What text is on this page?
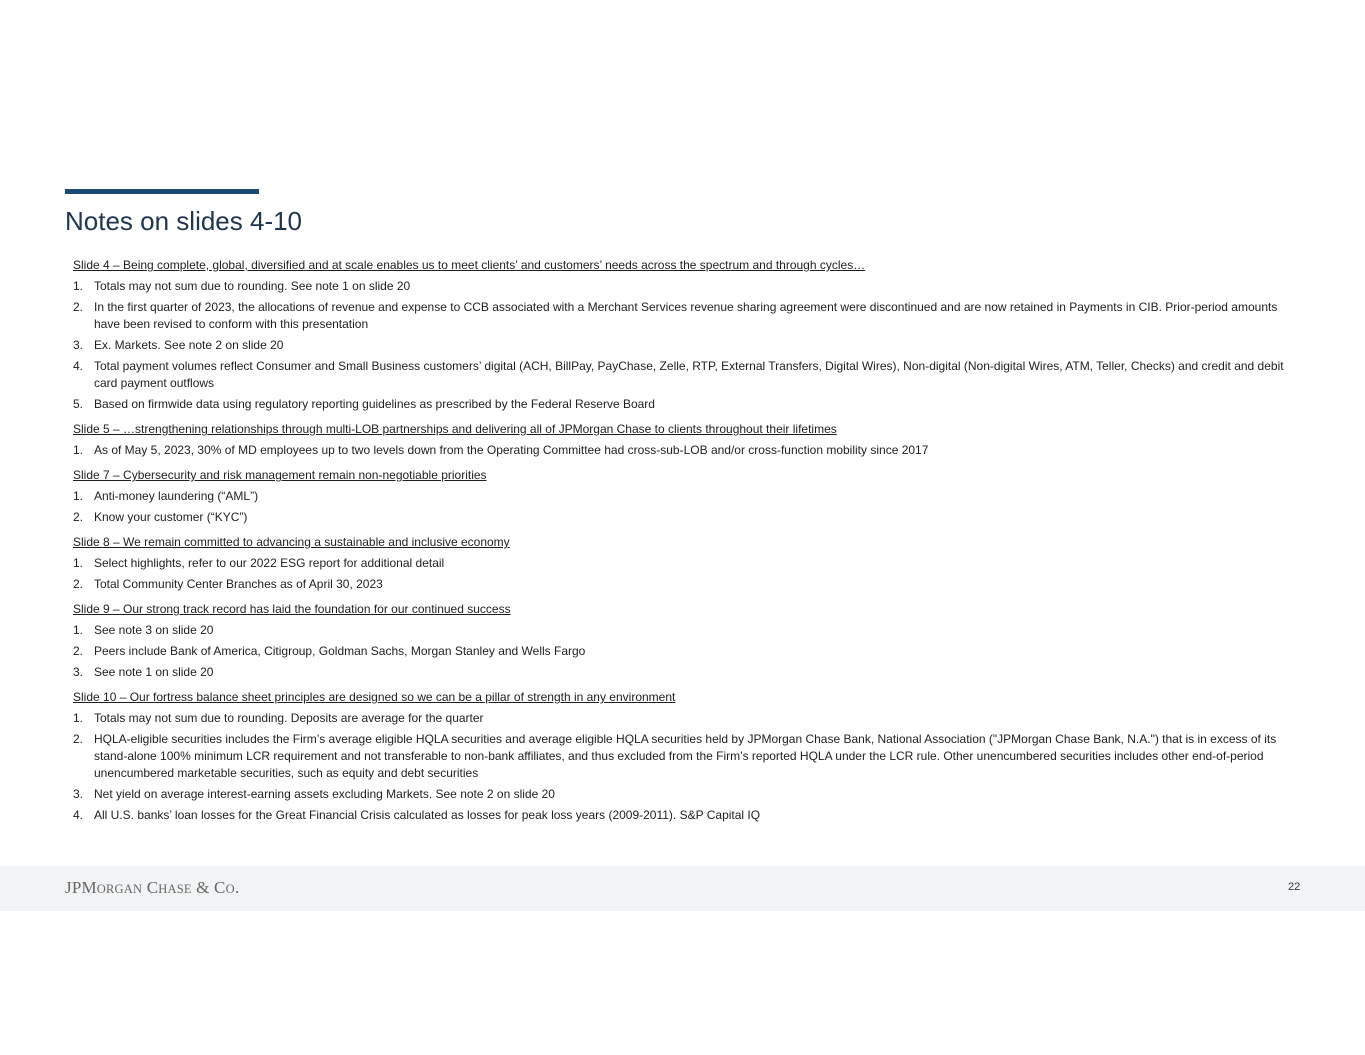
Notes on slides 4-10
Slide 4 – Being complete, global, diversified and at scale enables us to meet clients’ and customers’ needs across the spectrum and through cycles…
1. Totals may not sum due to rounding. See note 1 on slide 20
2. In the first quarter of 2023, the allocations of revenue and expense to CCB associated with a Merchant Services revenue sharing agreement were discontinued and are now retained in Payments in CIB. Prior-period amounts have been revised to conform with this presentation
3. Ex. Markets. See note 2 on slide 20
4. Total payment volumes reflect Consumer and Small Business customers’ digital (ACH, BillPay, PayChase, Zelle, RTP, External Transfers, Digital Wires), Non-digital (Non-digital Wires, ATM, Teller, Checks) and credit and debit card payment outflows
5. Based on firmwide data using regulatory reporting guidelines as prescribed by the Federal Reserve Board
Slide 5 – …strengthening relationships through multi-LOB partnerships and delivering all of JPMorgan Chase to clients throughout their lifetimes
1. As of May 5, 2023, 30% of MD employees up to two levels down from the Operating Committee had cross-sub-LOB and/or cross-function mobility since 2017
Slide 7 – Cybersecurity and risk management remain non-negotiable priorities
1. Anti-money laundering (“AML”)
2. Know your customer (“KYC”)
Slide 8 – We remain committed to advancing a sustainable and inclusive economy
1. Select highlights, refer to our 2022 ESG report for additional detail
2. Total Community Center Branches as of April 30, 2023
Slide 9 – Our strong track record has laid the foundation for our continued success
1. See note 3 on slide 20
2. Peers include Bank of America, Citigroup, Goldman Sachs, Morgan Stanley and Wells Fargo
3. See note 1 on slide 20
Slide 10 – Our fortress balance sheet principles are designed so we can be a pillar of strength in any environment
1. Totals may not sum due to rounding. Deposits are average for the quarter
2. HQLA-eligible securities includes the Firm’s average eligible HQLA securities and average eligible HQLA securities held by JPMorgan Chase Bank, National Association ("JPMorgan Chase Bank, N.A.") that is in excess of its stand-alone 100% minimum LCR requirement and not transferable to non-bank affiliates, and thus excluded from the Firm’s reported HQLA under the LCR rule. Other unencumbered securities includes other end-of-period unencumbered marketable securities, such as equity and debt securities
3. Net yield on average interest-earning assets excluding Markets. See note 2 on slide 20
4. All U.S. banks’ loan losses for the Great Financial Crisis calculated as losses for peak loss years (2009-2011). S&P Capital IQ
JPMORGAN CHASE & CO.	22
